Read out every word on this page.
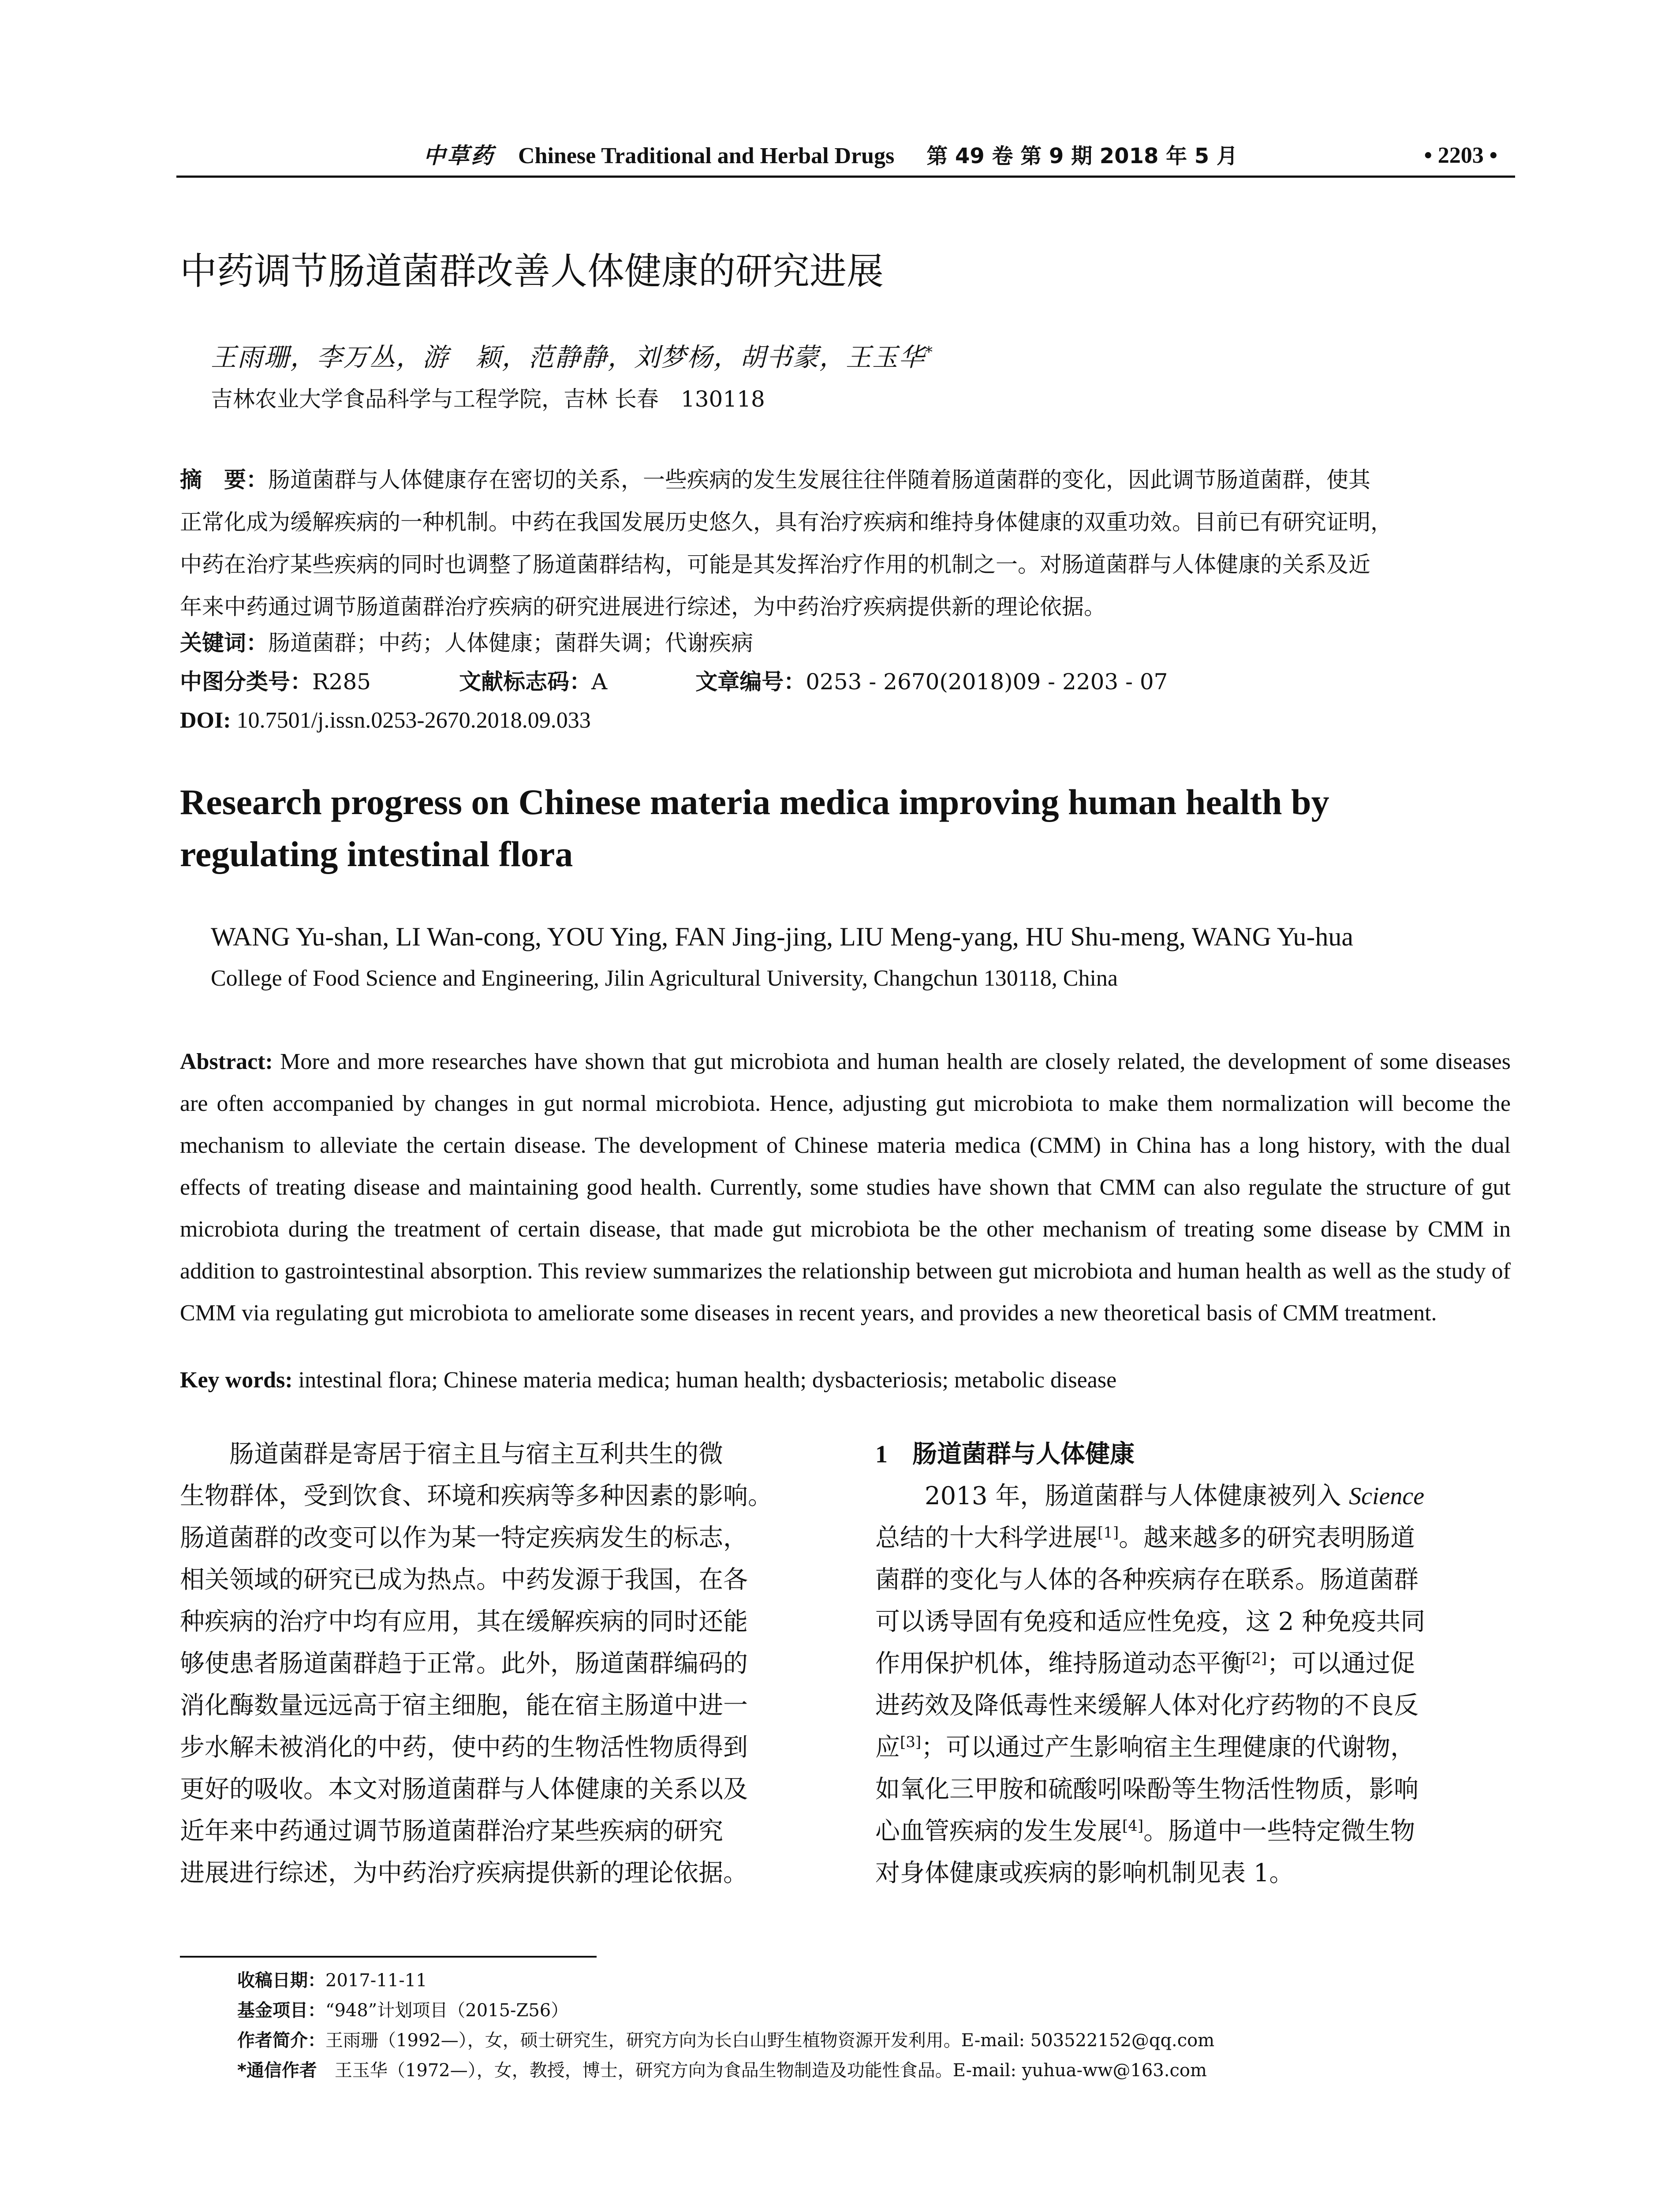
中草药 Chinese Traditional and Herbal Drugs 第 49 卷 第 9 期 2018 年 5 月	• 2203 •
中药调节肠道菌群改善人体健康的研究进展
王雨珊，李万丛，游　颖，范静静，刘梦杨，胡书蒙，王玉华*
吉林农业大学食品科学与工程学院，吉林 长春　130118
摘　要：肠道菌群与人体健康存在密切的关系，一些疾病的发生发展往往伴随着肠道菌群的变化，因此调节肠道菌群，使其
正常化成为缓解疾病的一种机制。中药在我国发展历史悠久，具有治疗疾病和维持身体健康的双重功效。目前已有研究证明，
中药在治疗某些疾病的同时也调整了肠道菌群结构，可能是其发挥治疗作用的机制之一。对肠道菌群与人体健康的关系及近
年来中药通过调节肠道菌群治疗疾病的研究进展进行综述，为中药治疗疾病提供新的理论依据。
关键词：肠道菌群；中药；人体健康；菌群失调；代谢疾病
中图分类号：R285	文献标志码：A	文章编号：0253 - 2670(2018)09 - 2203 - 07
DOI: 10.7501/j.issn.0253-2670.2018.09.033
Research progress on Chinese materia medica improving human health by
regulating intestinal flora
WANG Yu-shan, LI Wan-cong, YOU Ying, FAN Jing-jing, LIU Meng-yang, HU Shu-meng, WANG Yu-hua
College of Food Science and Engineering, Jilin Agricultural University, Changchun 130118, China
Abstract: More and more researches have shown that gut microbiota and human health are closely related, the development of some diseases are often accompanied by changes in gut normal microbiota. Hence, adjusting gut microbiota to make them normalization will become the mechanism to alleviate the certain disease. The development of Chinese materia medica (CMM) in China has a long history, with the dual effects of treating disease and maintaining good health. Currently, some studies have shown that CMM can also regulate the structure of gut microbiota during the treatment of certain disease, that made gut microbiota be the other mechanism of treating some disease by CMM in addition to gastrointestinal absorption. This review summarizes the relationship between gut microbiota and human health as well as the study of CMM via regulating gut microbiota to ameliorate some diseases in recent years, and provides a new theoretical basis of CMM treatment.
Key words: intestinal flora; Chinese materia medica; human health; dysbacteriosis; metabolic disease
肠道菌群是寄居于宿主且与宿主互利共生的微
生物群体，受到饮食、环境和疾病等多种因素的影响。
肠道菌群的改变可以作为某一特定疾病发生的标志，
相关领域的研究已成为热点。中药发源于我国，在各
种疾病的治疗中均有应用，其在缓解疾病的同时还能
够使患者肠道菌群趋于正常。此外，肠道菌群编码的
消化酶数量远远高于宿主细胞，能在宿主肠道中进一
步水解未被消化的中药，使中药的生物活性物质得到
更好的吸收。本文对肠道菌群与人体健康的关系以及
近年来中药通过调节肠道菌群治疗某些疾病的研究
进展进行综述，为中药治疗疾病提供新的理论依据。
1 肠道菌群与人体健康
2013 年，肠道菌群与人体健康被列入 Science
总结的十大科学进展[1]。越来越多的研究表明肠道
菌群的变化与人体的各种疾病存在联系。肠道菌群
可以诱导固有免疫和适应性免疫，这 2 种免疫共同
作用保护机体，维持肠道动态平衡[2]；可以通过促
进药效及降低毒性来缓解人体对化疗药物的不良反
应[3]；可以通过产生影响宿主生理健康的代谢物，
如氧化三甲胺和硫酸吲哚酚等生物活性物质，影响
心血管疾病的发生发展[4]。肠道中一些特定微生物
对身体健康或疾病的影响机制见表 1。
收稿日期：2017-11-11
基金项目：“948”计划项目（2015-Z56）
作者简介：王雨珊（1992—），女，硕士研究生，研究方向为长白山野生植物资源开发利用。E-mail: 503522152@qq.com
*通信作者　 王玉华（1972—），女，教授，博士，研究方向为食品生物制造及功能性食品。E-mail: yuhua-ww@163.com
